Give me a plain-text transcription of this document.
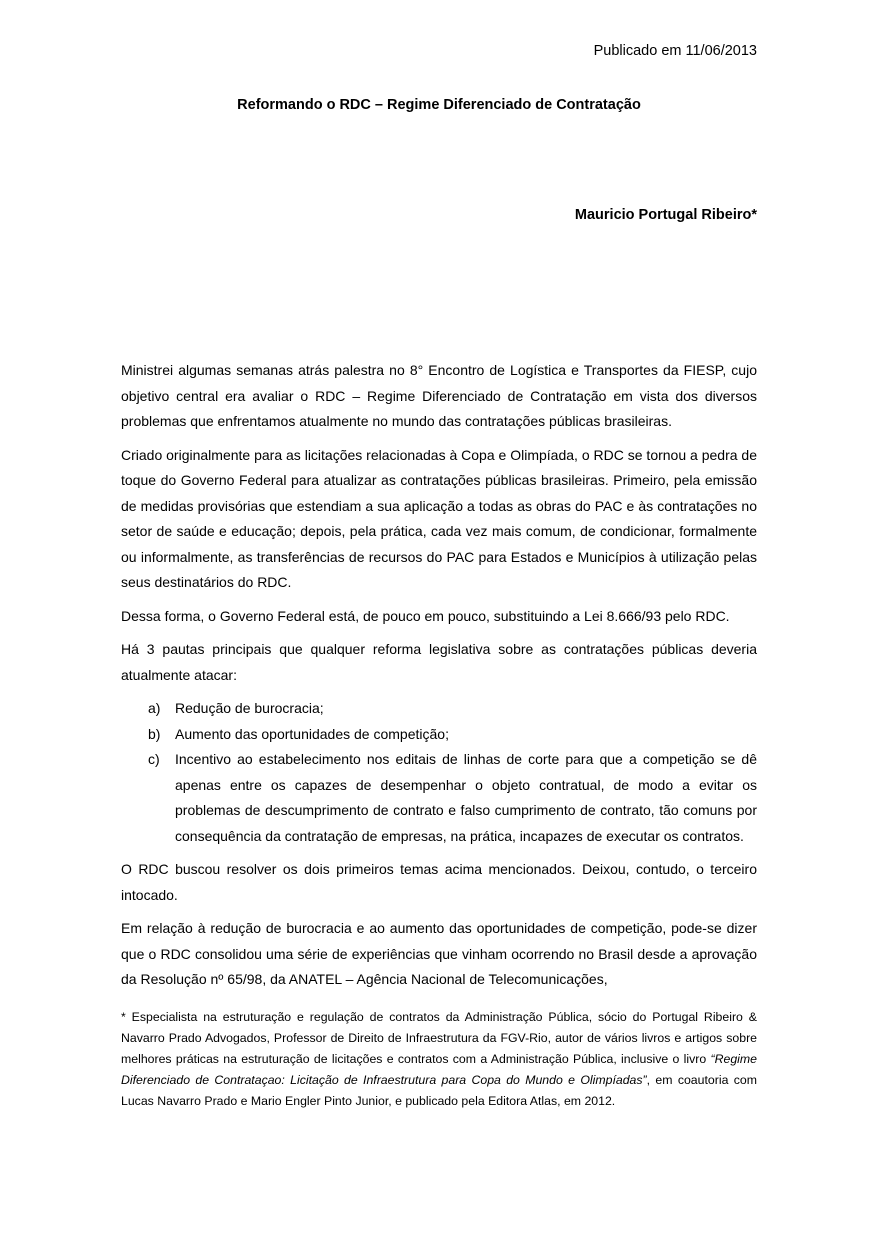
Publicado em 11/06/2013
Reformando o RDC – Regime Diferenciado de Contratação
Mauricio Portugal Ribeiro*

Ministrei algumas semanas atrás palestra no 8° Encontro de Logística e Transportes da FIESP, cujo objetivo central era avaliar o RDC – Regime Diferenciado de Contratação em vista dos diversos problemas que enfrentamos atualmente no mundo das contratações públicas brasileiras.

Criado originalmente para as licitações relacionadas à Copa e Olimpíada, o RDC se tornou a pedra de toque do Governo Federal para atualizar as contratações públicas brasileiras. Primeiro, pela emissão de medidas provisórias que estendiam a sua aplicação a todas as obras do PAC e às contratações no setor de saúde e educação; depois, pela prática, cada vez mais comum, de condicionar, formalmente ou informalmente, as transferências de recursos do PAC para Estados e Municípios à utilização pelas seus destinatários do RDC.

Dessa forma, o Governo Federal está, de pouco em pouco, substituindo a Lei 8.666/93 pelo RDC.

Há 3 pautas principais que qualquer reforma legislativa sobre as contratações públicas deveria atualmente atacar:

a)	Redução de burocracia;
b)	Aumento das oportunidades de competição;
c)	Incentivo ao estabelecimento nos editais de linhas de corte para que a competição se dê apenas entre os capazes de desempenhar o objeto contratual, de modo a evitar os problemas de descumprimento de contrato e falso cumprimento de contrato, tão comuns por consequência da contratação de empresas, na prática, incapazes de executar os contratos.

O RDC buscou resolver os dois primeiros temas acima mencionados. Deixou, contudo, o terceiro intocado.

Em relação à redução de burocracia e ao aumento das oportunidades de competição, pode-se dizer que o RDC consolidou uma série de experiências que vinham ocorrendo no Brasil desde a aprovação da Resolução nº 65/98, da ANATEL – Agência Nacional de Telecomunicações,

* Especialista na estruturação e regulação de contratos da Administração Pública, sócio do Portugal Ribeiro & Navarro Prado Advogados, Professor de Direito de Infraestrutura da FGV-Rio, autor de vários livros e artigos sobre melhores práticas na estruturação de licitações e contratos com a Administração Pública, inclusive o livro “Regime Diferenciado de Contrataçao: Licitação de Infraestrutura para Copa do Mundo e Olimpíadas”, em coautoria com Lucas Navarro Prado e Mario Engler Pinto Junior, e publicado pela Editora Atlas, em 2012.
